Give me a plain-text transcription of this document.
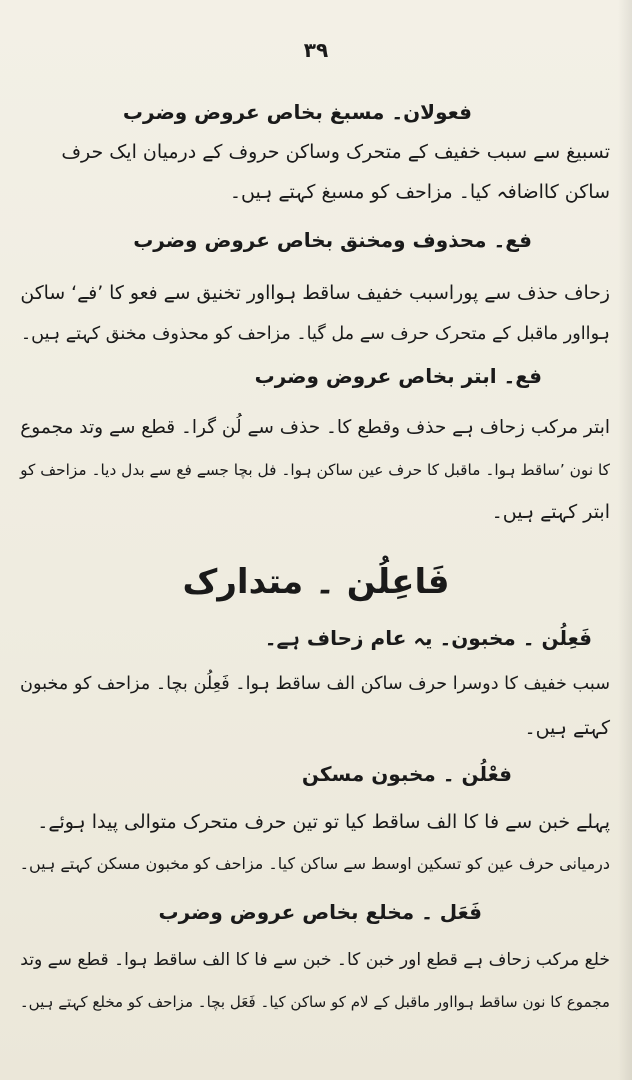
۳۹
فعولان۔ مسبغ بخاص عروض وضرب
تسبیغ سے سبب خفیف کے متحرک وساکن حروف کے درمیان ایک حرف
ساکن کااضافہ کیا۔ مزاحف کو مسبغ کہتے ہیں۔
فع۔ محذوف ومخنق بخاص عروض وضرب
زحاف حذف سے پوراسبب خفیف ساقط ہوااور تخنیق سے فعو کا ’فے‘ ساکن
ہوااور ماقبل کے متحرک حرف سے مل گیا۔ مزاحف کو محذوف مخنق کہتے ہیں۔
فع۔ ابتر بخاص عروض وضرب
ابتر مرکب زحاف ہے حذف وقطع کا۔ حذف سے لُن گرا۔ قطع سے وتد مجموع
کا نون ’ساقط ہوا۔ ماقبل کا حرف عین ساکن ہوا۔ فل بچا جسے فع سے بدل دیا۔ مزاحف کو
ابتر کہتے ہیں۔
فَاعِلُن ۔ متدارک
فَعِلُن ۔ مخبون۔ یہ عام زحاف ہے۔
سبب خفیف کا دوسرا حرف ساکن الف ساقط ہوا۔ فَعِلُن بچا۔ مزاحف کو مخبون
کہتے ہیں۔
فعْلُن ۔ مخبون مسکن
پہلے خبن سے فا کا الف ساقط کیا تو تین حرف متحرک متوالی پیدا ہوئے۔
درمیانی حرف عین کو تسکین اوسط سے ساکن کیا۔ مزاحف کو مخبون مسکن کہتے ہیں۔
فَعَل ۔ مخلع بخاص عروض وضرب
خلع مرکب زحاف ہے قطع اور خبن کا۔ خبن سے فا کا الف ساقط ہوا۔ قطع سے وتد
مجموع کا نون ساقط ہوااور ماقبل کے لام کو ساکن کیا۔ فَعَل بچا۔ مزاحف کو مخلع کہتے ہیں۔
